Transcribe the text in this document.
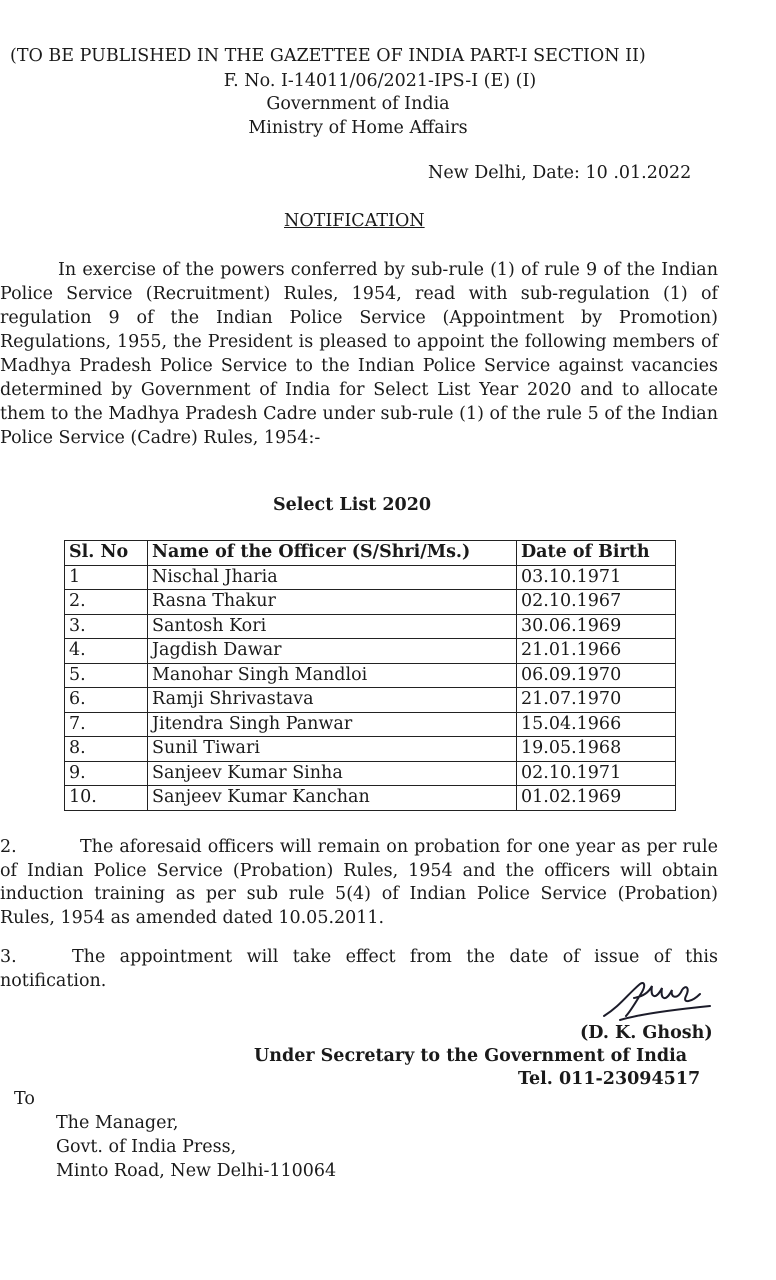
(TO BE PUBLISHED IN THE GAZETTEE OF INDIA PART-I SECTION II)
F. No. I-14011/06/2021-IPS-I (E) (I)
Government of India
Ministry of Home Affairs
New Delhi, Date: 10 .01.2022
NOTIFICATION
In exercise of the powers conferred by sub-rule (1) of rule 9 of the Indian Police Service (Recruitment) Rules, 1954, read with sub-regulation (1) of regulation 9 of the Indian Police Service (Appointment by Promotion) Regulations, 1955, the President is pleased to appoint the following members of Madhya Pradesh Police Service to the Indian Police Service against vacancies determined by Government of India for Select List Year 2020 and to allocate them to the Madhya Pradesh Cadre under sub-rule (1) of the rule 5 of the Indian Police Service (Cadre) Rules, 1954:-
Select List 2020
Sl. No	Name of the Officer (S/Shri/Ms.)	Date of Birth
1	Nischal Jharia	03.10.1971
2.	Rasna Thakur	02.10.1967
3.	Santosh Kori	30.06.1969
4.	Jagdish Dawar	21.01.1966
5.	Manohar Singh Mandloi	06.09.1970
6.	Ramji Shrivastava	21.07.1970
7.	Jitendra Singh Panwar	15.04.1966
8.	Sunil Tiwari	19.05.1968
9.	Sanjeev Kumar Sinha	02.10.1971
10.	Sanjeev Kumar Kanchan	01.02.1969
2.	The aforesaid officers will remain on probation for one year as per rule of Indian Police Service (Probation) Rules, 1954 and the officers will obtain induction training as per sub rule 5(4) of Indian Police Service (Probation) Rules, 1954 as amended dated 10.05.2011.
3.	The appointment will take effect from the date of issue of this notification.
(D. K. Ghosh)
Under Secretary to the Government of India
Tel. 011-23094517
To
The Manager,
Govt. of India Press,
Minto Road, New Delhi-110064
